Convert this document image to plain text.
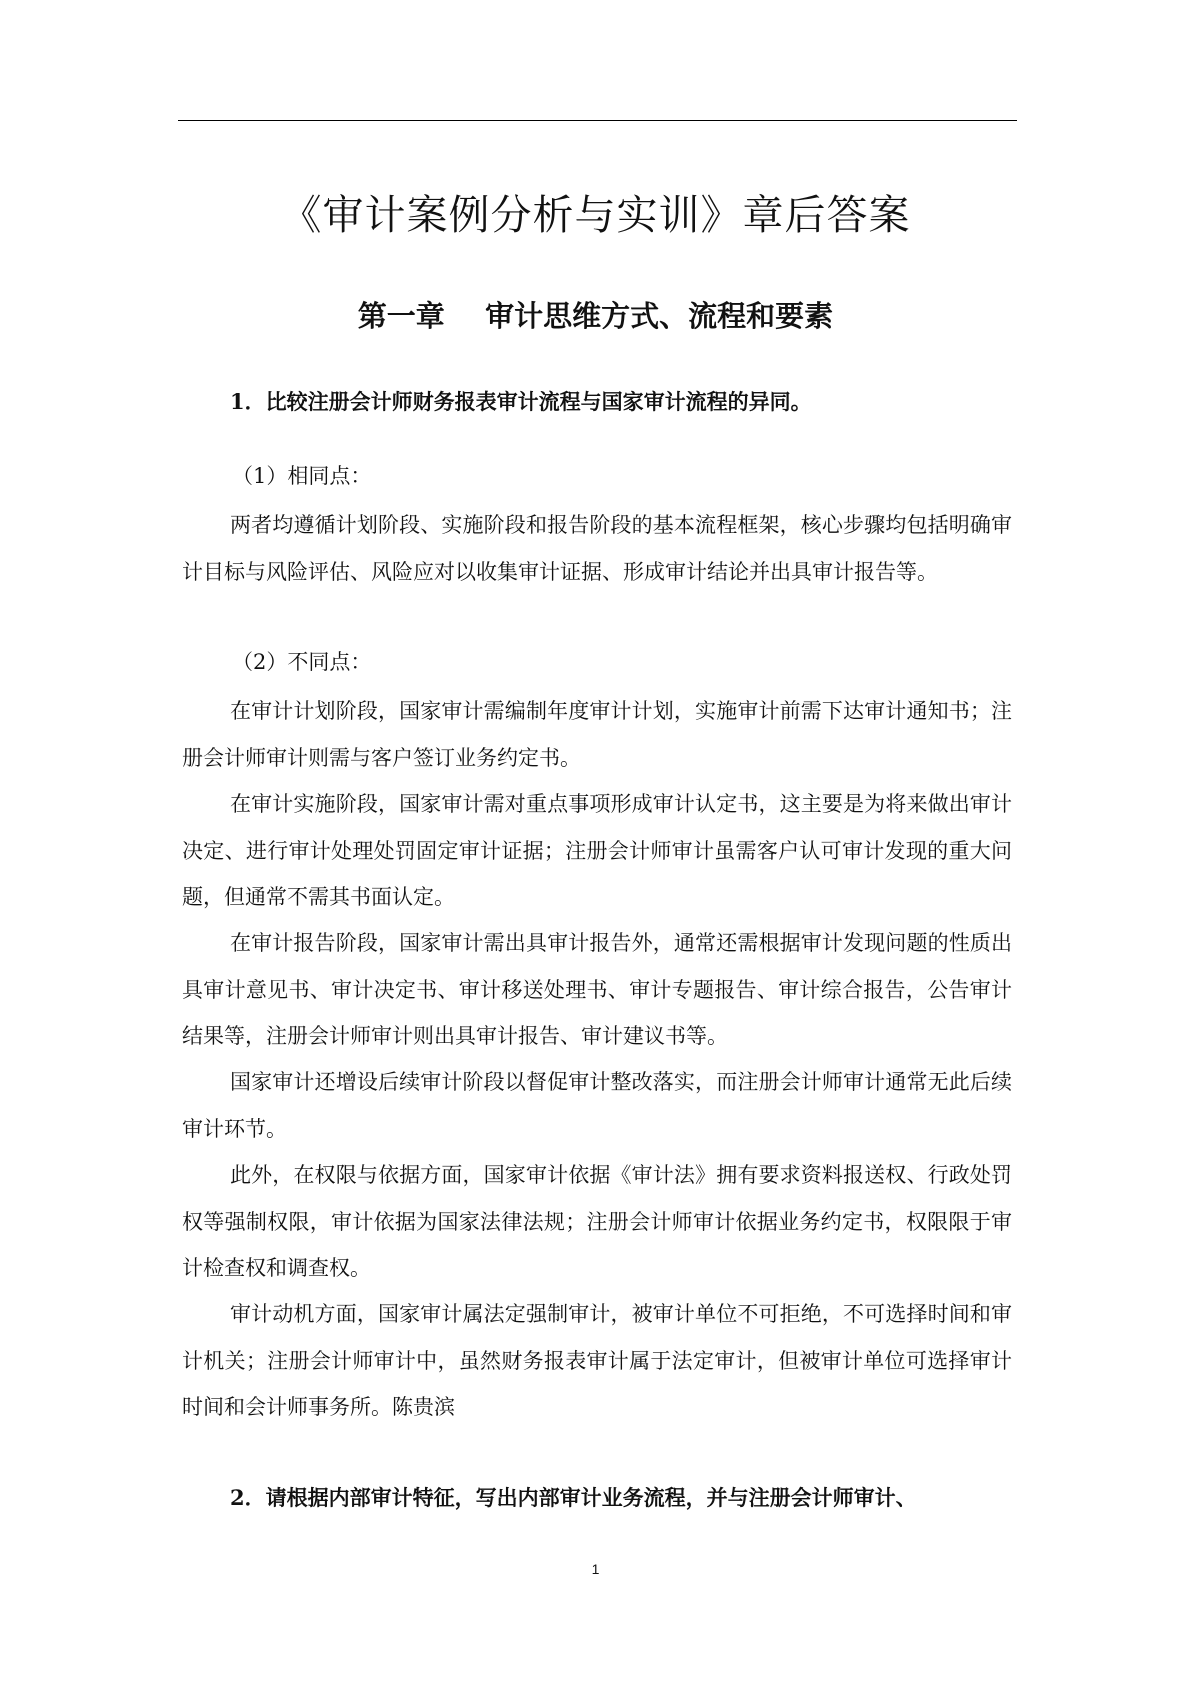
《审计案例分析与实训》章后答案
第一章    审计思维方式、流程和要素

1．比较注册会计师财务报表审计流程与国家审计流程的异同。

（1）相同点：

两者均遵循计划阶段、实施阶段和报告阶段的基本流程框架，核心步骤均包括明确审计目标与风险评估、风险应对以收集审计证据、形成审计结论并出具审计报告等。

（2）不同点：

在审计计划阶段，国家审计需编制年度审计计划，实施审计前需下达审计通知书；注册会计师审计则需与客户签订业务约定书。

在审计实施阶段，国家审计需对重点事项形成审计认定书，这主要是为将来做出审计决定、进行审计处理处罚固定审计证据；注册会计师审计虽需客户认可审计发现的重大问题，但通常不需其书面认定。

在审计报告阶段，国家审计需出具审计报告外，通常还需根据审计发现问题的性质出具审计意见书、审计决定书、审计移送处理书、审计专题报告、审计综合报告，公告审计结果等，注册会计师审计则出具审计报告、审计建议书等。

国家审计还增设后续审计阶段以督促审计整改落实，而注册会计师审计通常无此后续审计环节。

此外，在权限与依据方面，国家审计依据《审计法》拥有要求资料报送权、行政处罚权等强制权限，审计依据为国家法律法规；注册会计师审计依据业务约定书，权限限于审计检查权和调查权。

审计动机方面，国家审计属法定强制审计，被审计单位不可拒绝，不可选择时间和审计机关；注册会计师审计中，虽然财务报表审计属于法定审计，但被审计单位可选择审计时间和会计师事务所。陈贵滨

2．请根据内部审计特征，写出内部审计业务流程，并与注册会计师审计、

1
